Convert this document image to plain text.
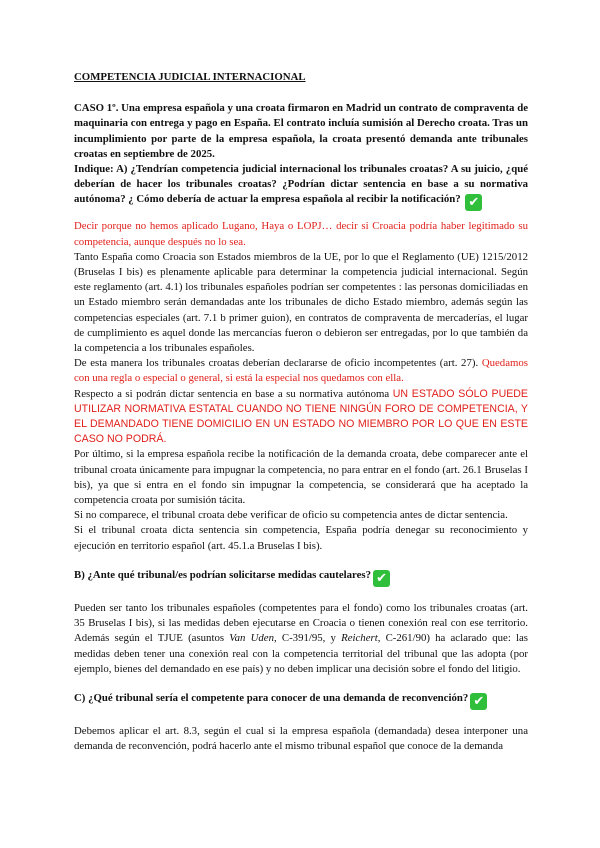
COMPETENCIA JUDICIAL INTERNACIONAL

CASO 1º. Una empresa española y una croata firmaron en Madrid un contrato de compraventa de maquinaria con entrega y pago en España. El contrato incluía sumisión al Derecho croata. Tras un incumplimiento por parte de la empresa española, la croata presentó demanda ante tribunales croatas en septiembre de 2025.

Indique: A) ¿Tendrían competencia judicial internacional los tribunales croatas? A su juicio, ¿qué deberían de hacer los tribunales croatas? ¿Podrían dictar sentencia en base a su normativa autónoma? ¿ Cómo debería de actuar la empresa española al recibir la notificación? ✔

Decir porque no hemos aplicado Lugano, Haya o LOPJ… decir si Croacia podría haber legitimado su competencia, aunque después no lo sea.

Tanto España como Croacia son Estados miembros de la UE, por lo que el Reglamento (UE) 1215/2012 (Bruselas I bis) es plenamente aplicable para determinar la competencia judicial internacional. Según este reglamento (art. 4.1) los tribunales españoles podrían ser competentes : las personas domiciliadas en un Estado miembro serán demandadas ante los tribunales de dicho Estado miembro, además según las competencias especiales (art. 7.1 b primer guion), en contratos de compraventa de mercaderías, el lugar de cumplimiento es aquel donde las mercancías fueron o debieron ser entregadas, por lo que también da la competencia a los tribunales españoles.

De esta manera los tribunales croatas deberían declararse de oficio incompetentes (art. 27). Quedamos con una regla o especial o general, si está la especial nos quedamos con ella.

Respecto a si podrán dictar sentencia en base a su normativa autónoma UN ESTADO SÓLO PUEDE UTILIZAR NORMATIVA ESTATAL CUANDO NO TIENE NINGÚN FORO DE COMPETENCIA, Y EL DEMANDADO TIENE DOMICILIO EN UN ESTADO NO MIEMBRO POR LO QUE EN ESTE CASO NO PODRÁ.

Por último, si la empresa española recibe la notificación de la demanda croata, debe comparecer ante el tribunal croata únicamente para impugnar la competencia, no para entrar en el fondo (art. 26.1 Bruselas I bis), ya que si entra en el fondo sin impugnar la competencia, se considerará que ha aceptado la competencia croata por sumisión tácita.

Si no comparece, el tribunal croata debe verificar de oficio su competencia antes de dictar sentencia.

Si el tribunal croata dicta sentencia sin competencia, España podría denegar su reconocimiento y ejecución en territorio español (art. 45.1.a Bruselas I bis).

B) ¿Ante qué tribunal/es podrían solicitarse medidas cautelares? ✔

Pueden ser tanto los tribunales españoles (competentes para el fondo) como los tribunales croatas (art. 35 Bruselas I bis), si las medidas deben ejecutarse en Croacia o tienen conexión real con ese territorio. Además según el TJUE (asuntos Van Uden, C-391/95, y Reichert, C-261/90) ha aclarado que: las medidas deben tener una conexión real con la competencia territorial del tribunal que las adopta (por ejemplo, bienes del demandado en ese país) y no deben implicar una decisión sobre el fondo del litigio.

C) ¿Qué tribunal sería el competente para conocer de una demanda de reconvención? ✔

Debemos aplicar el art. 8.3, según el cual si la empresa española (demandada) desea interponer una demanda de reconvención, podrá hacerlo ante el mismo tribunal español que conoce de la demanda
